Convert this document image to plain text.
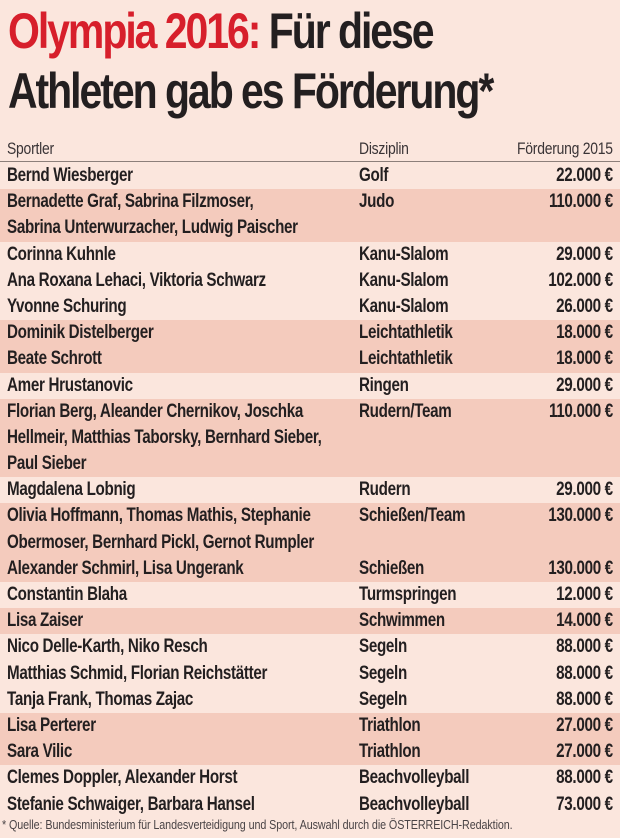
Olympia 2016: Für diese
Athleten gab es Förderung*
Sportler	Disziplin	Förderung 2015
Bernd Wiesberger	Golf	22.000 €
Bernadette Graf, Sabrina Filzmoser,
Sabrina Unterwurzacher, Ludwig Paischer
Judo	110.000 €
Corinna Kuhnle	Kanu-Slalom	29.000 €
Ana Roxana Lehaci, Viktoria Schwarz	Kanu-Slalom	102.000 €
Yvonne Schuring	Kanu-Slalom	26.000 €
Dominik Distelberger	Leichtathletik	18.000 €
Beate Schrott	Leichtathletik	18.000 €
Amer Hrustanovic	Ringen	29.000 €
Florian Berg, Aleander Chernikov, Joschka
Hellmeir, Matthias Taborsky, Bernhard Sieber,
Paul Sieber
Rudern/Team	110.000 €
Magdalena Lobnig	Rudern	29.000 €
Olivia Hoffmann, Thomas Mathis, Stephanie
Obermoser, Bernhard Pickl, Gernot Rumpler
Schießen/Team	130.000 €
Alexander Schmirl, Lisa Ungerank	Schießen	130.000 €
Constantin Blaha	Turmspringen	12.000 €
Lisa Zaiser	Schwimmen	14.000 €
Nico Delle-Karth, Niko Resch	Segeln	88.000 €
Matthias Schmid, Florian Reichstätter	Segeln	88.000 €
Tanja Frank, Thomas Zajac	Segeln	88.000 €
Lisa Perterer	Triathlon	27.000 €
Sara Vilic	Triathlon	27.000 €
Clemes Doppler, Alexander Horst	Beachvolleyball	88.000 €
Stefanie Schwaiger, Barbara Hansel	Beachvolleyball	73.000 €
* Quelle: Bundesministerium für Landesverteidigung und Sport, Auswahl durch die ÖSTERREICH-Redaktion.
